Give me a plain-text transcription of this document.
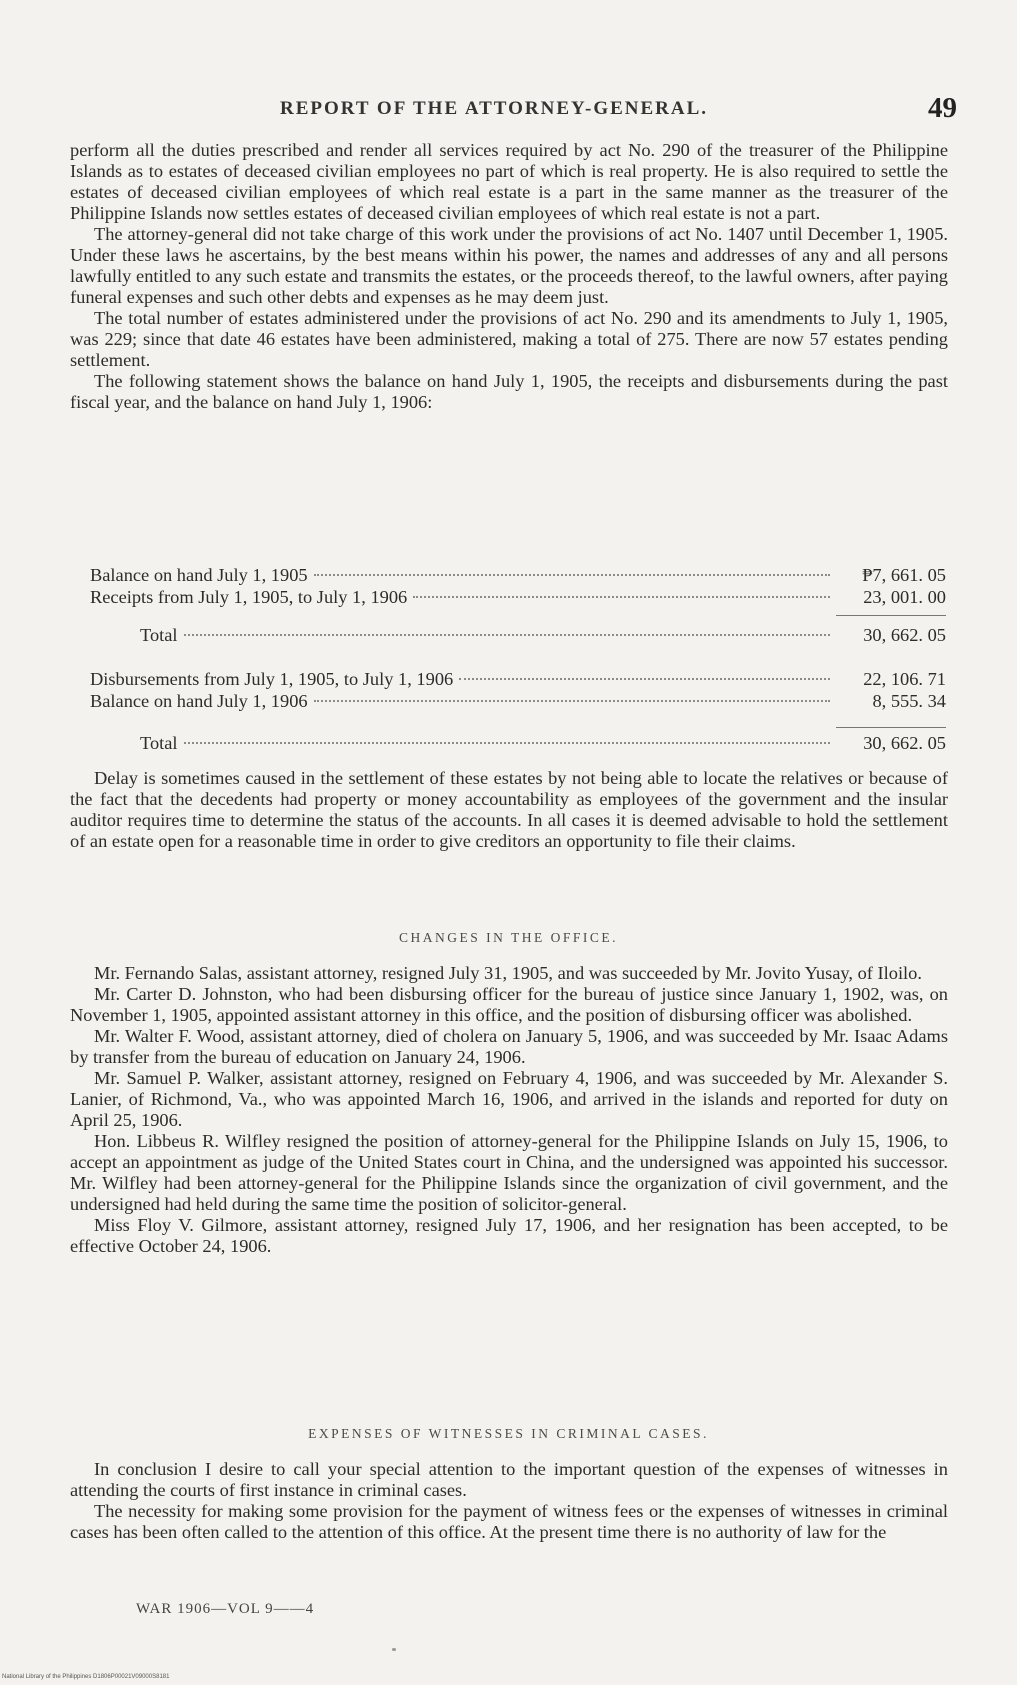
REPORT OF THE ATTORNEY-GENERAL.	49

perform all the duties prescribed and render all services required by act No. 290 of the treasurer of the Philippine Islands as to estates of deceased civilian employees no part of which is real property. He is also required to settle the estates of deceased civilian employees of which real estate is a part in the same manner as the treasurer of the Philippine Islands now settles estates of deceased civilian employees of which real estate is not a part.

The attorney-general did not take charge of this work under the provisions of act No. 1407 until December 1, 1905. Under these laws he ascertains, by the best means within his power, the names and addresses of any and all persons lawfully entitled to any such estate and transmits the estates, or the proceeds thereof, to the lawful owners, after paying funeral expenses and such other debts and expenses as he may deem just.

The total number of estates administered under the provisions of act No. 290 and its amendments to July 1, 1905, was 229; since that date 46 estates have been administered, making a total of 275. There are now 57 estates pending settlement.

The following statement shows the balance on hand July 1, 1905, the receipts and disbursements during the past fiscal year, and the balance on hand July 1, 1906:

Balance on hand July 1, 1905	₱7, 661. 05
Receipts from July 1, 1905, to July 1, 1906	23, 001. 00
Total	30, 662. 05
Disbursements from July 1, 1905, to July 1, 1906	22, 106. 71
Balance on hand July 1, 1906	8, 555. 34
Total	30, 662. 05

Delay is sometimes caused in the settlement of these estates by not being able to locate the relatives or because of the fact that the decedents had property or money accountability as employees of the government and the insular auditor requires time to determine the status of the accounts. In all cases it is deemed advisable to hold the settlement of an estate open for a reasonable time in order to give creditors an opportunity to file their claims.

CHANGES IN THE OFFICE.

Mr. Fernando Salas, assistant attorney, resigned July 31, 1905, and was succeeded by Mr. Jovito Yusay, of Iloilo.

Mr. Carter D. Johnston, who had been disbursing officer for the bureau of justice since January 1, 1902, was, on November 1, 1905, appointed assistant attorney in this office, and the position of disbursing officer was abolished.

Mr. Walter F. Wood, assistant attorney, died of cholera on January 5, 1906, and was succeeded by Mr. Isaac Adams by transfer from the bureau of education on January 24, 1906.

Mr. Samuel P. Walker, assistant attorney, resigned on February 4, 1906, and was succeeded by Mr. Alexander S. Lanier, of Richmond, Va., who was appointed March 16, 1906, and arrived in the islands and reported for duty on April 25, 1906.

Hon. Libbeus R. Wilfley resigned the position of attorney-general for the Philippine Islands on July 15, 1906, to accept an appointment as judge of the United States court in China, and the undersigned was appointed his successor. Mr. Wilfley had been attorney-general for the Philippine Islands since the organization of civil government, and the undersigned had held during the same time the position of solicitor-general.

Miss Floy V. Gilmore, assistant attorney, resigned July 17, 1906, and her resignation has been accepted, to be effective October 24, 1906.

EXPENSES OF WITNESSES IN CRIMINAL CASES.

In conclusion I desire to call your special attention to the important question of the expenses of witnesses in attending the courts of first instance in criminal cases.

The necessity for making some provision for the payment of witness fees or the expenses of witnesses in criminal cases has been often called to the attention of this office. At the present time there is no authority of law for the

WAR 1906—VOL 9——4
National Library of the Philippines D1806P00021V09000S8181
